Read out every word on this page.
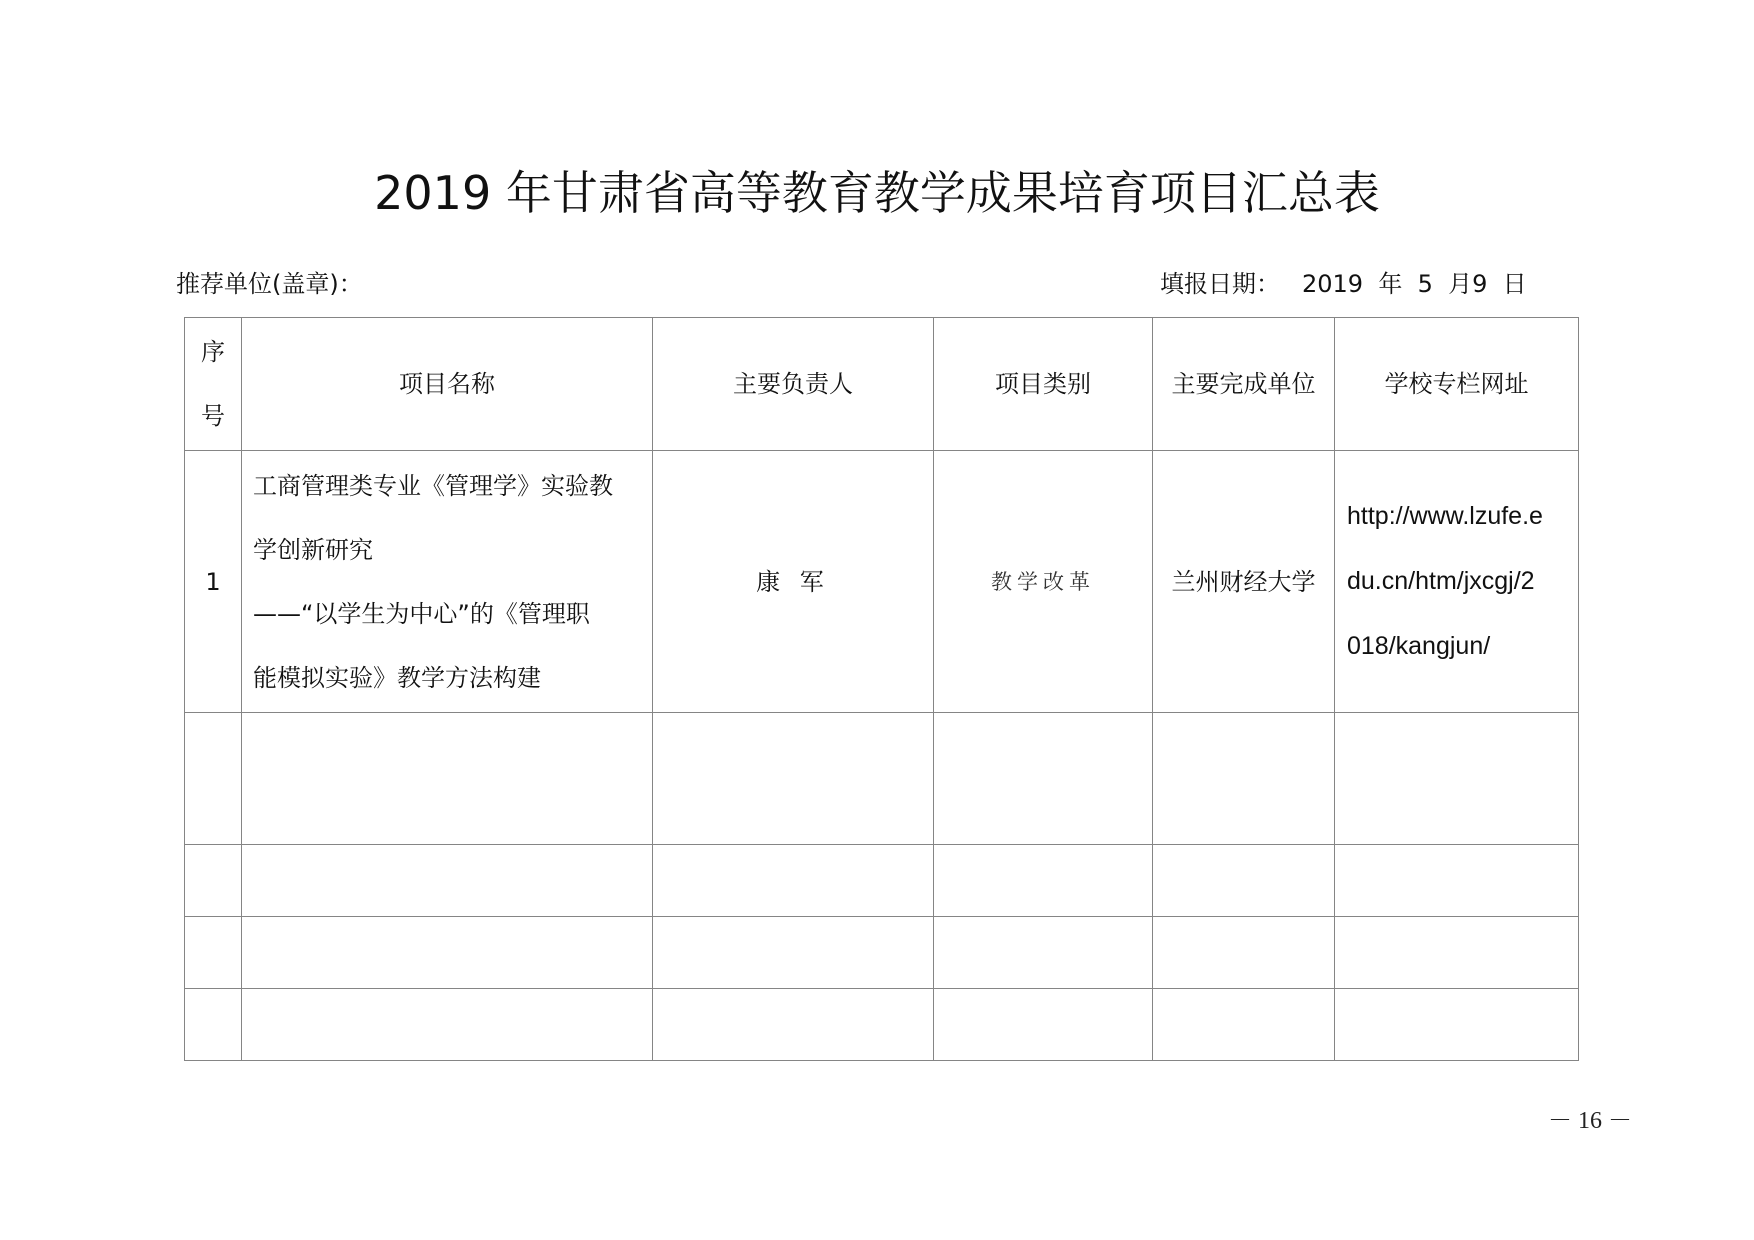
2019 年甘肃省高等教育教学成果培育项目汇总表
推荐单位(盖章)：	填报日期： 2019  年  5  月9  日
序
号	项目名称	主要负责人	项目类别	主要完成单位	学校专栏网址
1	工商管理类专业《管理学》实验教
学创新研究
——“以学生为中心”的《管理职
能模拟实验》教学方法构建	康 军	教学改革	兰州财经大学	http://www.lzufe.e
du.cn/htm/jxcgj/2
018/kangjun/

－ 16 －
